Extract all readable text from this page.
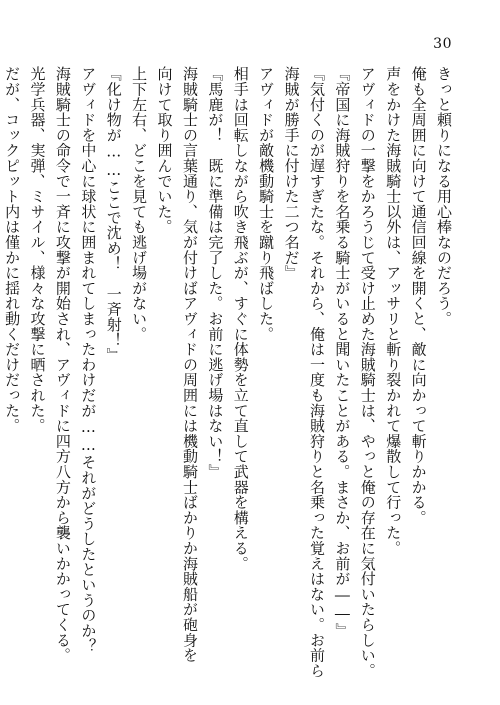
30
きっと頼りになる用心棒なのだろう。
俺も全周囲に向けて通信回線を開くと、敵に向かって斬りかかる。
声をかけた海賊騎士以外は、アッサリと斬り裂かれて爆散して行った。
アヴィドの一撃をかろうじて受け止めた海賊騎士は、やっと俺の存在に気付いたらしい。
『帝国に海賊狩りを名乗る騎士がいると聞いたことがある。まさか、お前が――』
『気付くのが遅すぎたな。それから、俺は一度も海賊狩りと名乗った覚えはない。お前ら
海賊が勝手に付けた二つ名だ』
アヴィドが敵機動騎士を蹴り飛ばした。
相手は回転しながら吹き飛ぶが、すぐに体勢を立て直して武器を構える。
『馬鹿が！　既に準備は完了した。お前に逃げ場はない！』
海賊騎士の言葉通り、気が付けばアヴィドの周囲には機動騎士ばかりか海賊船が砲身を
向けて取り囲んでいた。
上下左右、どこを見ても逃げ場がない。
『化け物が……ここで沈め！　一斉射！』
アヴィドを中心に球状に囲まれてしまったわけだが……それがどうしたというのか？
海賊騎士の命令で一斉に攻撃が開始され、アヴィドに四方八方から襲いかかってくる。
光学兵器、実弾、ミサイル、様々な攻撃に晒された。
だが、コックピット内は僅かに揺れ動くだけだった。
